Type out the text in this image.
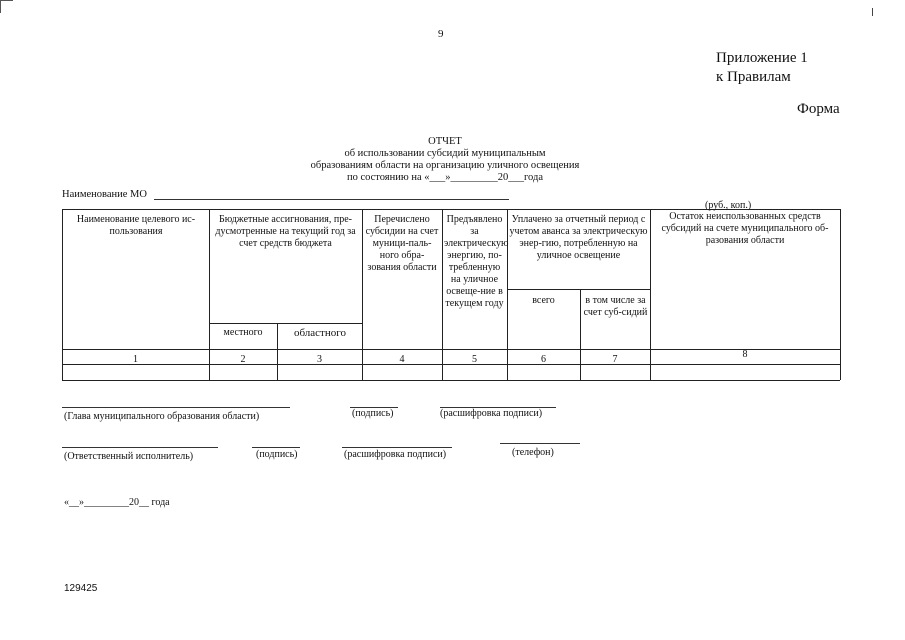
9
Приложение 1
к Правилам
Форма
ОТЧЕТ
об использовании субсидий муниципальным
образованиям области на организацию уличного освещения
по состоянию на «___»_________20___года
Наименование МО
(руб., коп.)
Наименование целевого ис-пользования
Бюджетные ассигнования, пре-дусмотренные на текущий год за счет средств бюджета
местного	областного
Перечислено субсидии на счет муници-паль-ного обра-зования области
Предъявлено за электрическую энергию, по-требленную на уличное освеще-ние в текущем году
Уплачено за отчетный период с учетом аванса за электрическую энер-гию, потребленную на уличное освещение
всего	в том числе за счет суб-сидий
Остаток неиспользованных средств субсидий на счете муниципального об-разования области
1	2	3	4	5	6	7	8
(Глава муниципального образования области)	(подпись)	(расшифровка подписи)
(Ответственный исполнитель)	(подпись)	(расшифровка подписи)	(телефон)
«__»_________20__ года
129425
